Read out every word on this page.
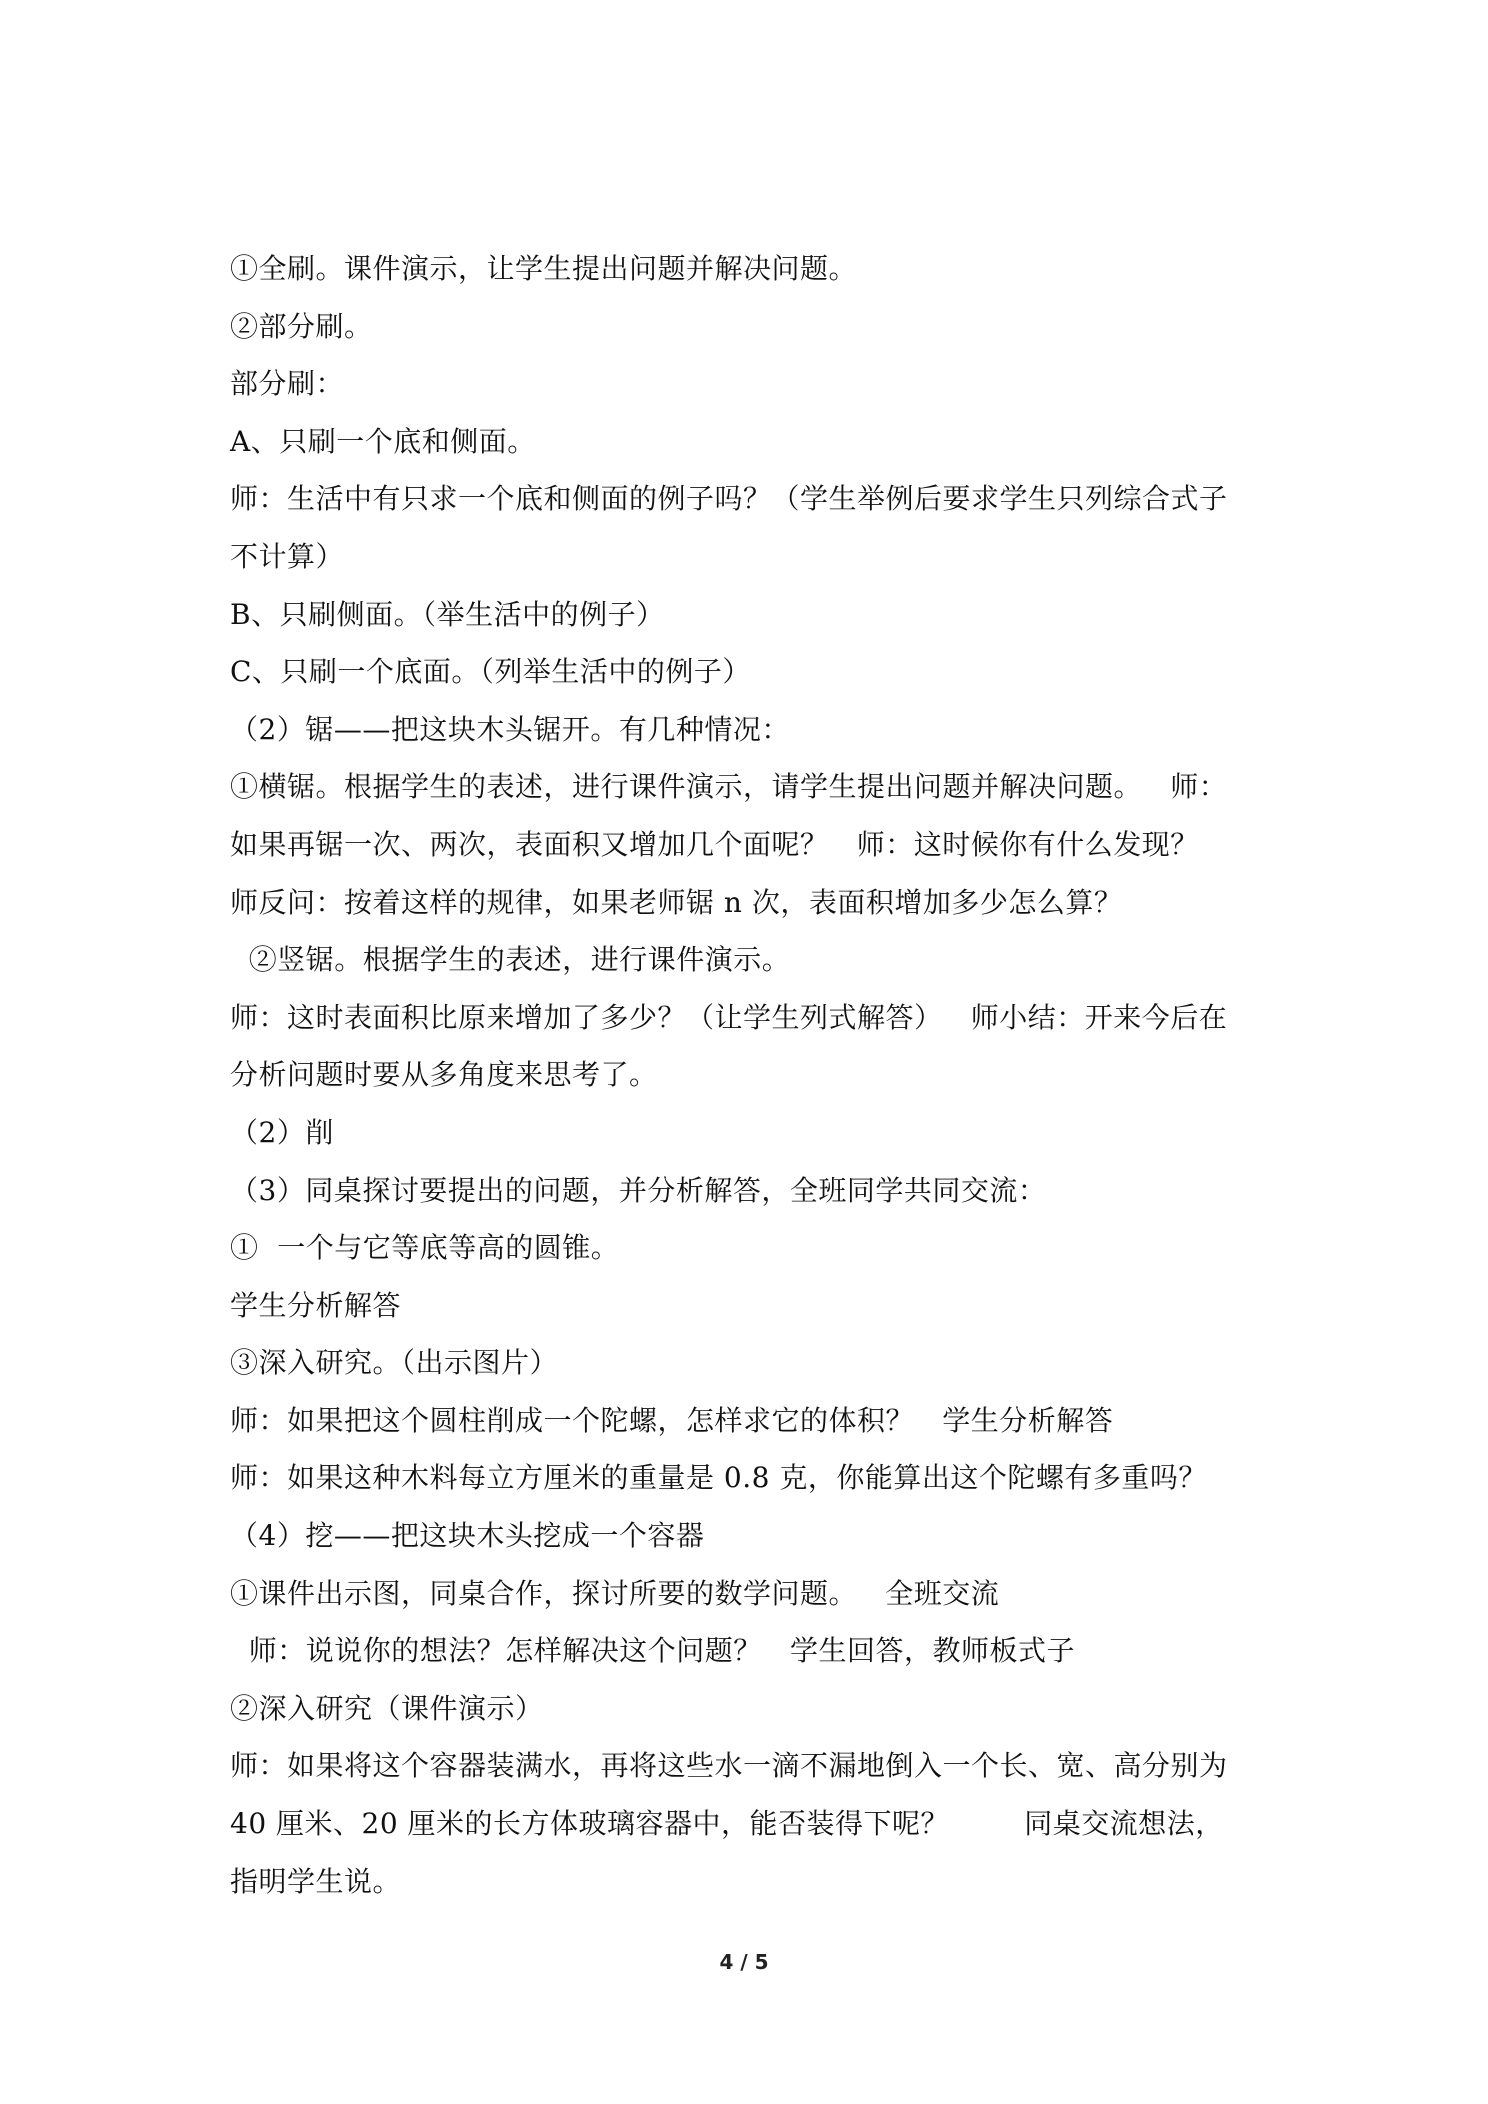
①全刷。课件演示，让学生提出问题并解决问题。
②部分刷。
部分刷：
A、只刷一个底和侧面。
师：生活中有只求一个底和侧面的例子吗？（学生举例后要求学生只列综合式子
不计算）
B、只刷侧面。（举生活中的例子）
C、只刷一个底面。（列举生活中的例子）
（2）锯——把这块木头锯开。有几种情况：
①横锯。根据学生的表述，进行课件演示，请学生提出问题并解决问题。   师：
如果再锯一次、两次，表面积又增加几个面呢？   师：这时候你有什么发现？
师反问：按着这样的规律，如果老师锯 n 次，表面积增加多少怎么算？
②竖锯。根据学生的表述，进行课件演示。
师：这时表面积比原来增加了多少？（让学生列式解答）   师小结：开来今后在
分析问题时要从多角度来思考了。
（2）削
（3）同桌探讨要提出的问题，并分析解答，全班同学共同交流：
①  一个与它等底等高的圆锥。
学生分析解答
③深入研究。（出示图片）
师：如果把这个圆柱削成一个陀螺，怎样求它的体积？   学生分析解答
师：如果这种木料每立方厘米的重量是 0.8 克，你能算出这个陀螺有多重吗？
（4）挖——把这块木头挖成一个容器
①课件出示图，同桌合作，探讨所要的数学问题。   全班交流
师：说说你的想法？怎样解决这个问题？   学生回答，教师板式子
②深入研究（课件演示）
师：如果将这个容器装满水，再将这些水一滴不漏地倒入一个长、宽、高分别为
40 厘米、20 厘米的长方体玻璃容器中，能否装得下呢？        同桌交流想法，
指明学生说。
4 / 5
